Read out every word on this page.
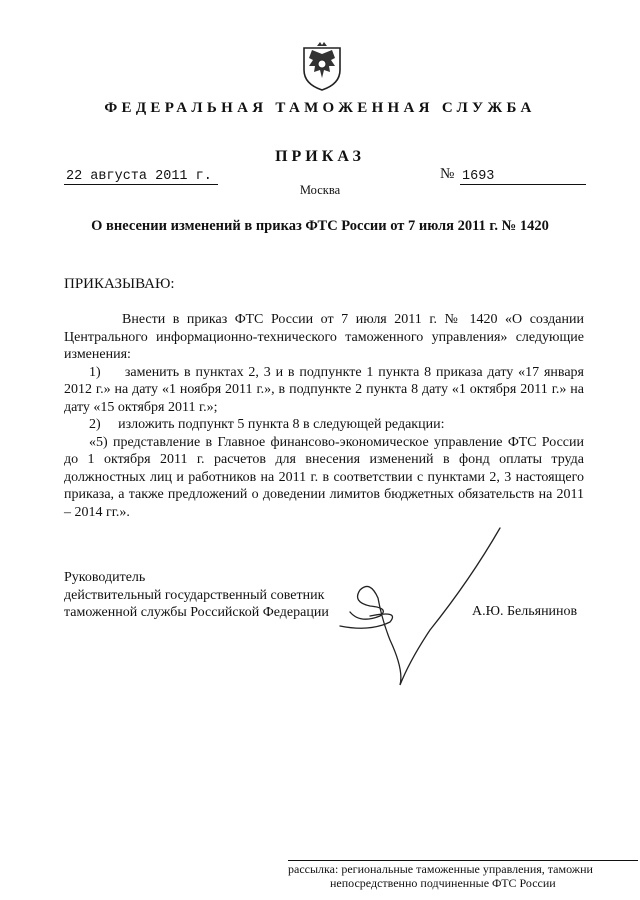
ФЕДЕРАЛЬНАЯ ТАМОЖЕННАЯ СЛУЖБА
ПРИКАЗ
22 августа 2011 г.	№ 1693
Москва
О внесении изменений в приказ ФТС России от 7 июля 2011 г. № 1420
ПРИКАЗЫВАЮ:

Внести в приказ ФТС России от 7 июля 2011 г. № 1420 «О создании Центрального информационно-технического таможенного управления» следующие изменения:

1)     заменить в пунктах 2, 3 и в подпункте 1 пункта 8 приказа дату «17 января 2012 г.» на дату «1 ноября 2011 г.», в подпункте 2 пункта 8 дату «1 октября 2011 г.» на дату «15 октября 2011 г.»;

2)     изложить подпункт 5 пункта 8 в следующей редакции:

«5) представление в Главное финансово-экономическое управление ФТС России до 1 октября 2011 г. расчетов для внесения изменений в фонд оплаты труда должностных лиц и работников на 2011 г. в соответствии с пунктами 2, 3 настоящего приказа, а также предложений о доведении лимитов бюджетных обязательств на 2011 – 2014 гг.».

Руководитель
действительный государственный советник
таможенной службы Российской Федерации	А.Ю. Бельянинов
рассылка: региональные таможенные управления, таможни
непосредственно подчиненные ФТС России
